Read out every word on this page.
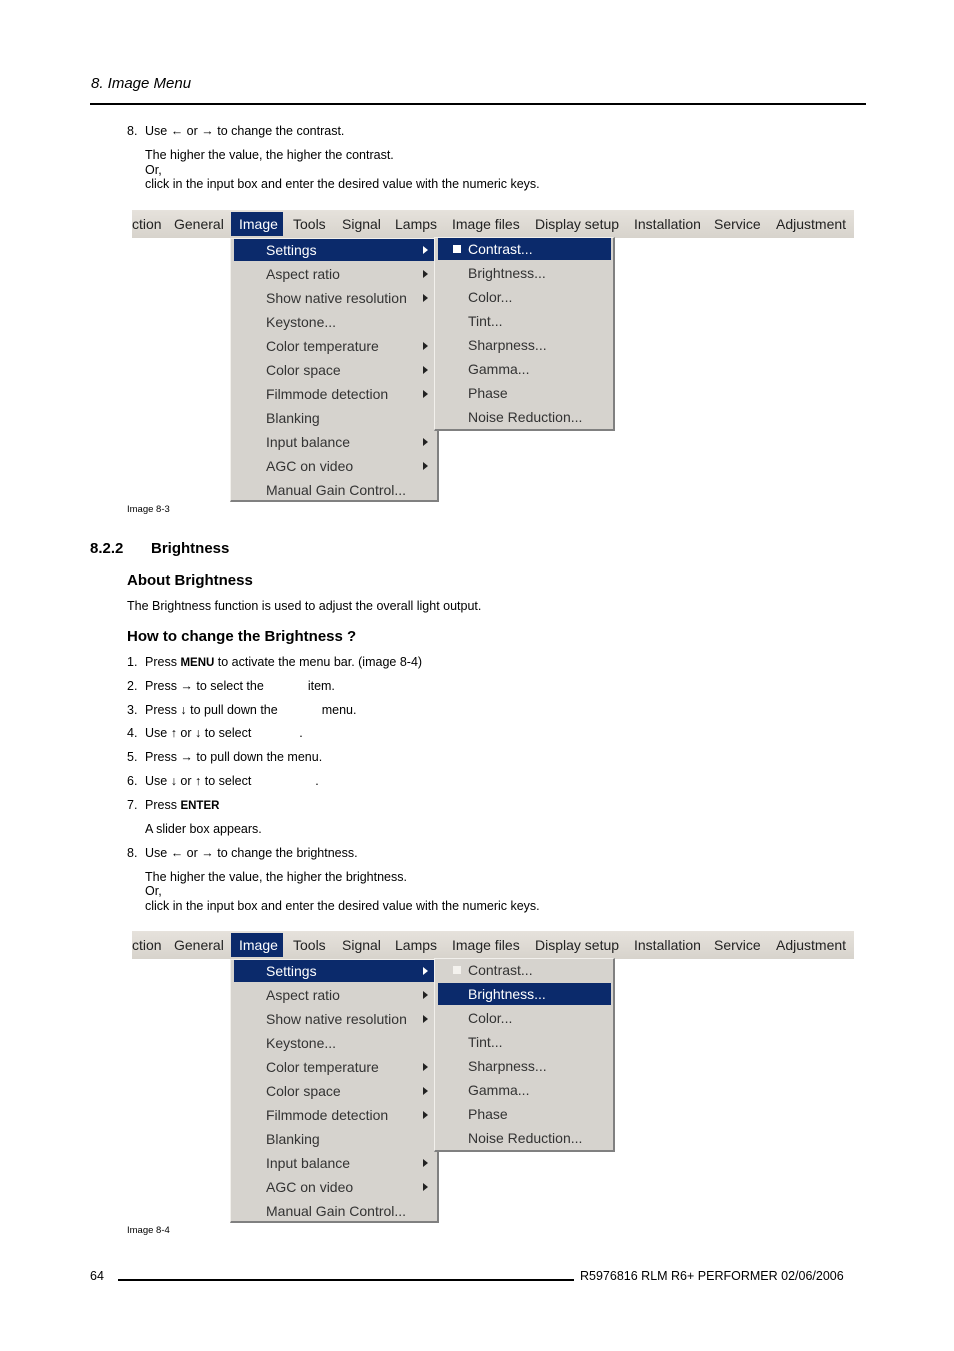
8. Image Menu
8. Use ← or → to change the contrast.
The higher the value, the higher the contrast.
Or,
click in the input box and enter the desired value with the numeric keys.
ction General Image Tools Signal Lamps Image files Display setup Installation Service Adjustment
Settings
Aspect ratio
Show native resolution
Keystone...
Color temperature
Color space
Filmmode detection
Blanking
Input balance
AGC on video
Manual Gain Control...
Contrast...
Brightness...
Color...
Tint...
Sharpness...
Gamma...
Phase
Noise Reduction...
Image 8-3
8.2.2 Brightness
About Brightness
The Brightness function is used to adjust the overall light output.
How to change the Brightness ?
1. Press MENU to activate the menu bar. (image 8-4)
2. Press → to select the	item.
3. Press ↓ to pull down the	menu.
4. Use ↑ or ↓ to select	.
5. Press → to pull down the menu.
6. Use ↓ or ↑ to select	.
7. Press ENTER
A slider box appears.
8. Use ← or → to change the brightness.
The higher the value, the higher the brightness.
Or,
click in the input box and enter the desired value with the numeric keys.
ction General Image Tools Signal Lamps Image files Display setup Installation Service Adjustment
Settings
Aspect ratio
Show native resolution
Keystone...
Color temperature
Color space
Filmmode detection
Blanking
Input balance
AGC on video
Manual Gain Control...
Contrast...
Brightness...
Color...
Tint...
Sharpness...
Gamma...
Phase
Noise Reduction...
Image 8-4
64	R5976816 RLM R6+ PERFORMER 02/06/2006
